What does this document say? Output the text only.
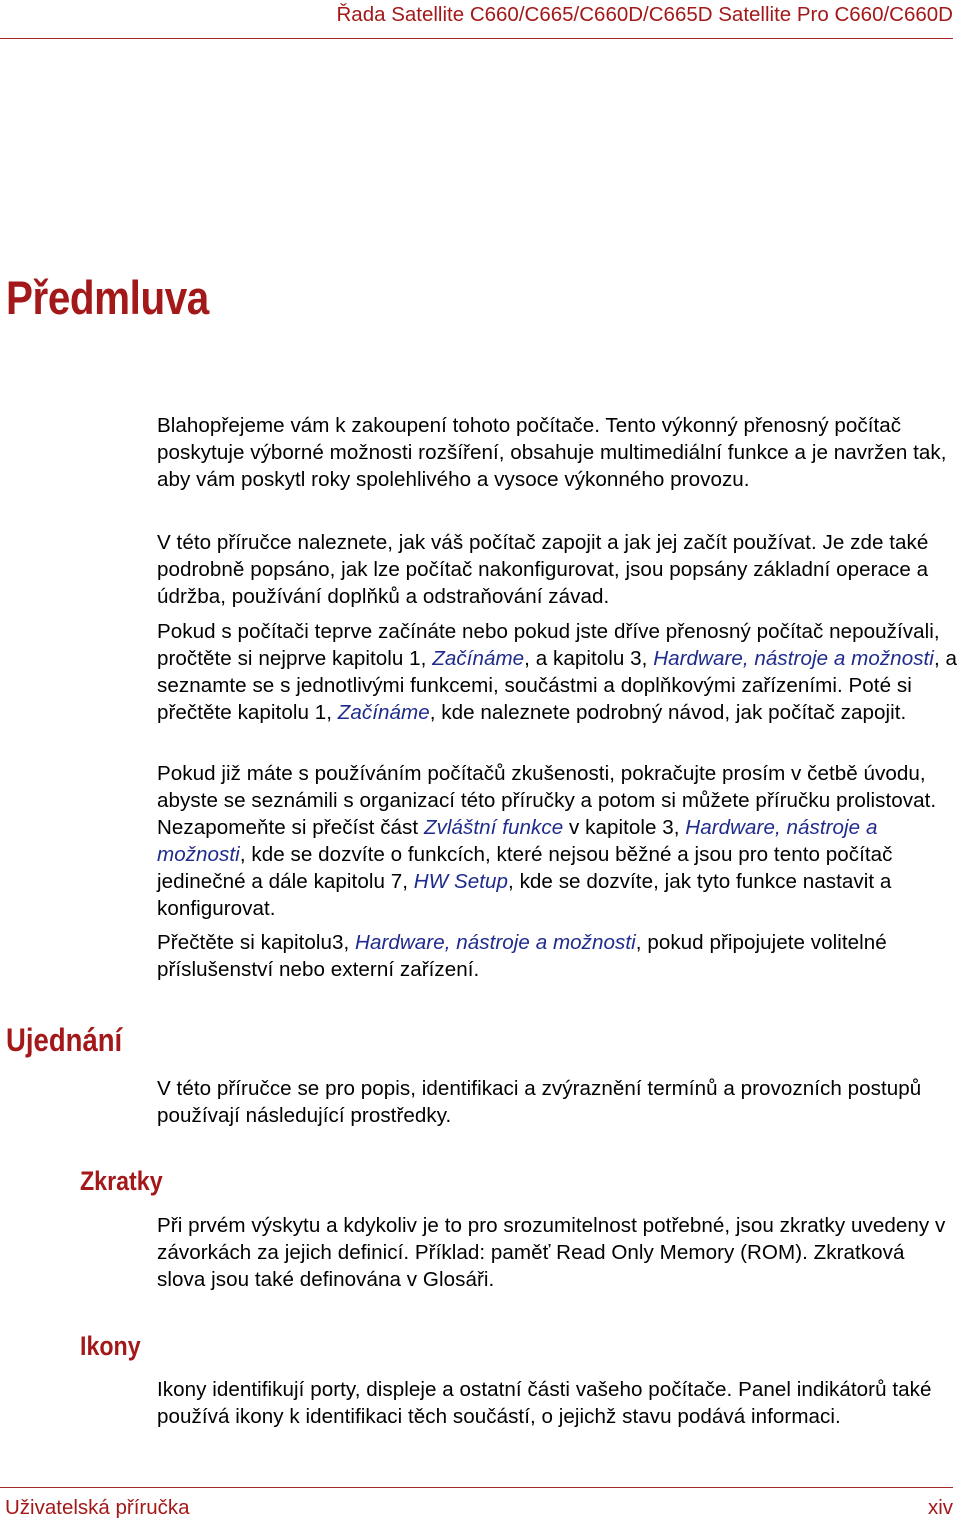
Řada Satellite C660/C665/C660D/C665D Satellite Pro C660/C660D
Předmluva

Blahopřejeme vám k zakoupení tohoto počítače. Tento výkonný přenosný počítač poskytuje výborné možnosti rozšíření, obsahuje multimediální funkce a je navržen tak, aby vám poskytl roky spolehlivého a vysoce výkonného provozu.

V této příručce naleznete, jak váš počítač zapojit a jak jej začít používat. Je zde také podrobně popsáno, jak lze počítač nakonfigurovat, jsou popsány základní operace a údržba, používání doplňků a odstraňování závad.

Pokud s počítači teprve začínáte nebo pokud jste dříve přenosný počítač nepoužívali, pročtěte si nejprve kapitolu 1, Začínáme, a kapitolu 3, Hardware, nástroje a možnosti, a seznamte se s jednotlivými funkcemi, součástmi a doplňkovými zařízeními. Poté si přečtěte kapitolu 1, Začínáme, kde naleznete podrobný návod, jak počítač zapojit.

Pokud již máte s používáním počítačů zkušenosti, pokračujte prosím v četbě úvodu, abyste se seznámili s organizací této příručky a potom si můžete příručku prolistovat. Nezapomeňte si přečíst část Zvláštní funkce v kapitole 3, Hardware, nástroje a možnosti, kde se dozvíte o funkcích, které nejsou běžné a jsou pro tento počítač jedinečné a dále kapitolu 7, HW Setup, kde se dozvíte, jak tyto funkce nastavit a konfigurovat.

Přečtěte si kapitolu3, Hardware, nástroje a možnosti, pokud připojujete volitelné příslušenství nebo externí zařízení.

Ujednání

V této příručce se pro popis, identifikaci a zvýraznění termínů a provozních postupů používají následující prostředky.

Zkratky

Při prvém výskytu a kdykoliv je to pro srozumitelnost potřebné, jsou zkratky uvedeny v závorkách za jejich definicí. Příklad: paměť Read Only Memory (ROM). Zkratková slova jsou také definována v Glosáři.

Ikony

Ikony identifikují porty, displeje a ostatní části vašeho počítače. Panel indikátorů také používá ikony k identifikaci těch součástí, o jejichž stavu podává informaci.

Uživatelská příručka	xiv
